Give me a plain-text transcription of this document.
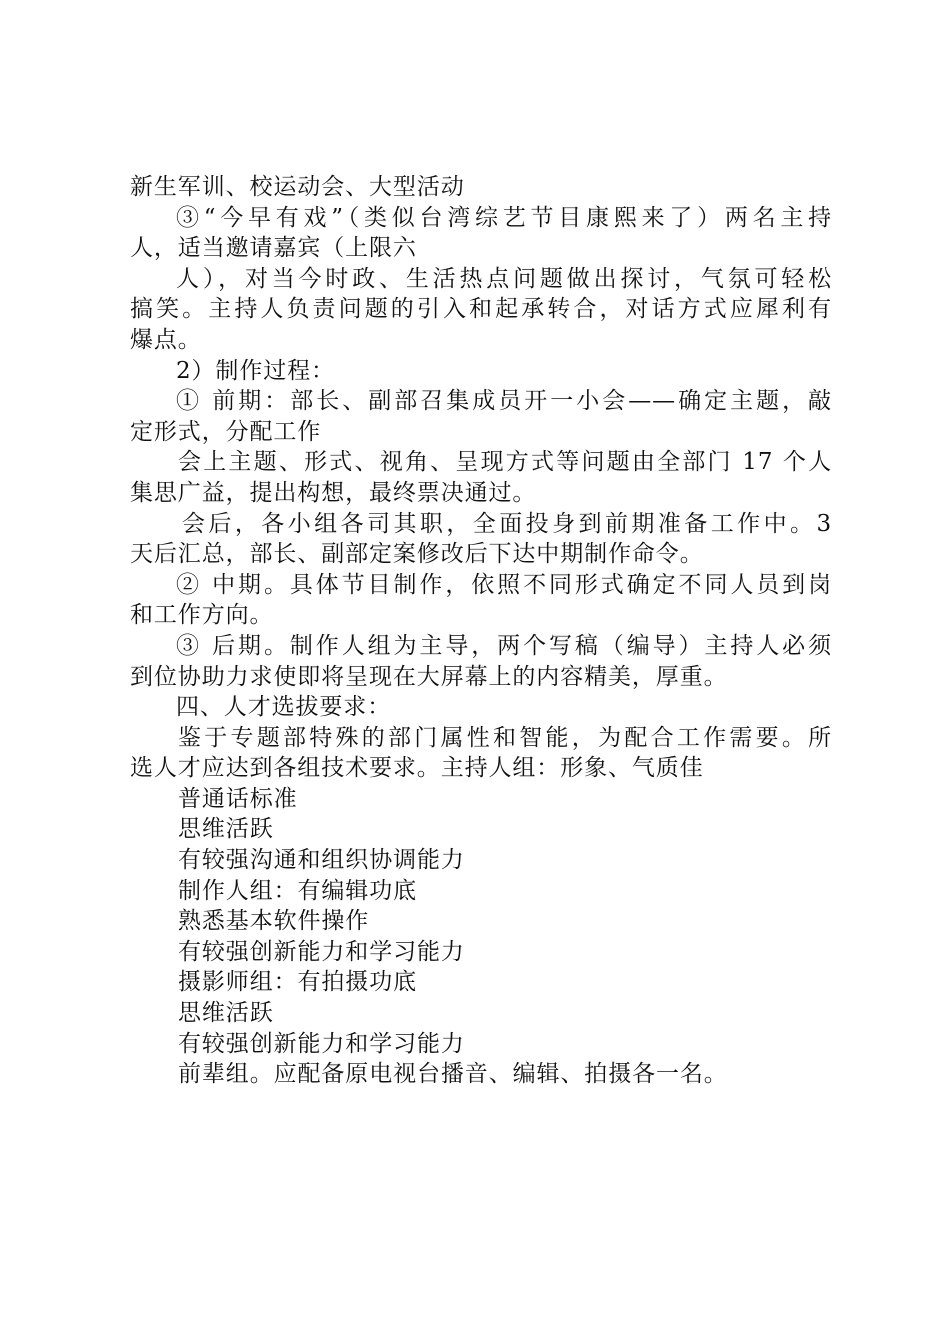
新生军训、校运动会、大型活动
③“今早有戏”（类似台湾综艺节目康熙来了）两名主持
人，适当邀请嘉宾（上限六
人），对当今时政、生活热点问题做出探讨，气氛可轻松
搞笑。主持人负责问题的引入和起承转合，对话方式应犀利有
爆点。
2）制作过程：
① 前期：部长、副部召集成员开一小会——确定主题，敲
定形式，分配工作
会上主题、形式、视角、呈现方式等问题由全部门 17 个人
集思广益，提出构想，最终票决通过。
会后，各小组各司其职，全面投身到前期准备工作中。3
天后汇总，部长、副部定案修改后下达中期制作命令。
② 中期。具体节目制作，依照不同形式确定不同人员到岗
和工作方向。
③ 后期。制作人组为主导，两个写稿（编导）主持人必须
到位协助力求使即将呈现在大屏幕上的内容精美，厚重。
四、人才选拔要求：
鉴于专题部特殊的部门属性和智能，为配合工作需要。所
选人才应达到各组技术要求。主持人组：形象、气质佳
普通话标准
思维活跃
有较强沟通和组织协调能力
制作人组：有编辑功底
熟悉基本软件操作
有较强创新能力和学习能力
摄影师组：有拍摄功底
思维活跃
有较强创新能力和学习能力
前辈组。应配备原电视台播音、编辑、拍摄各一名。
